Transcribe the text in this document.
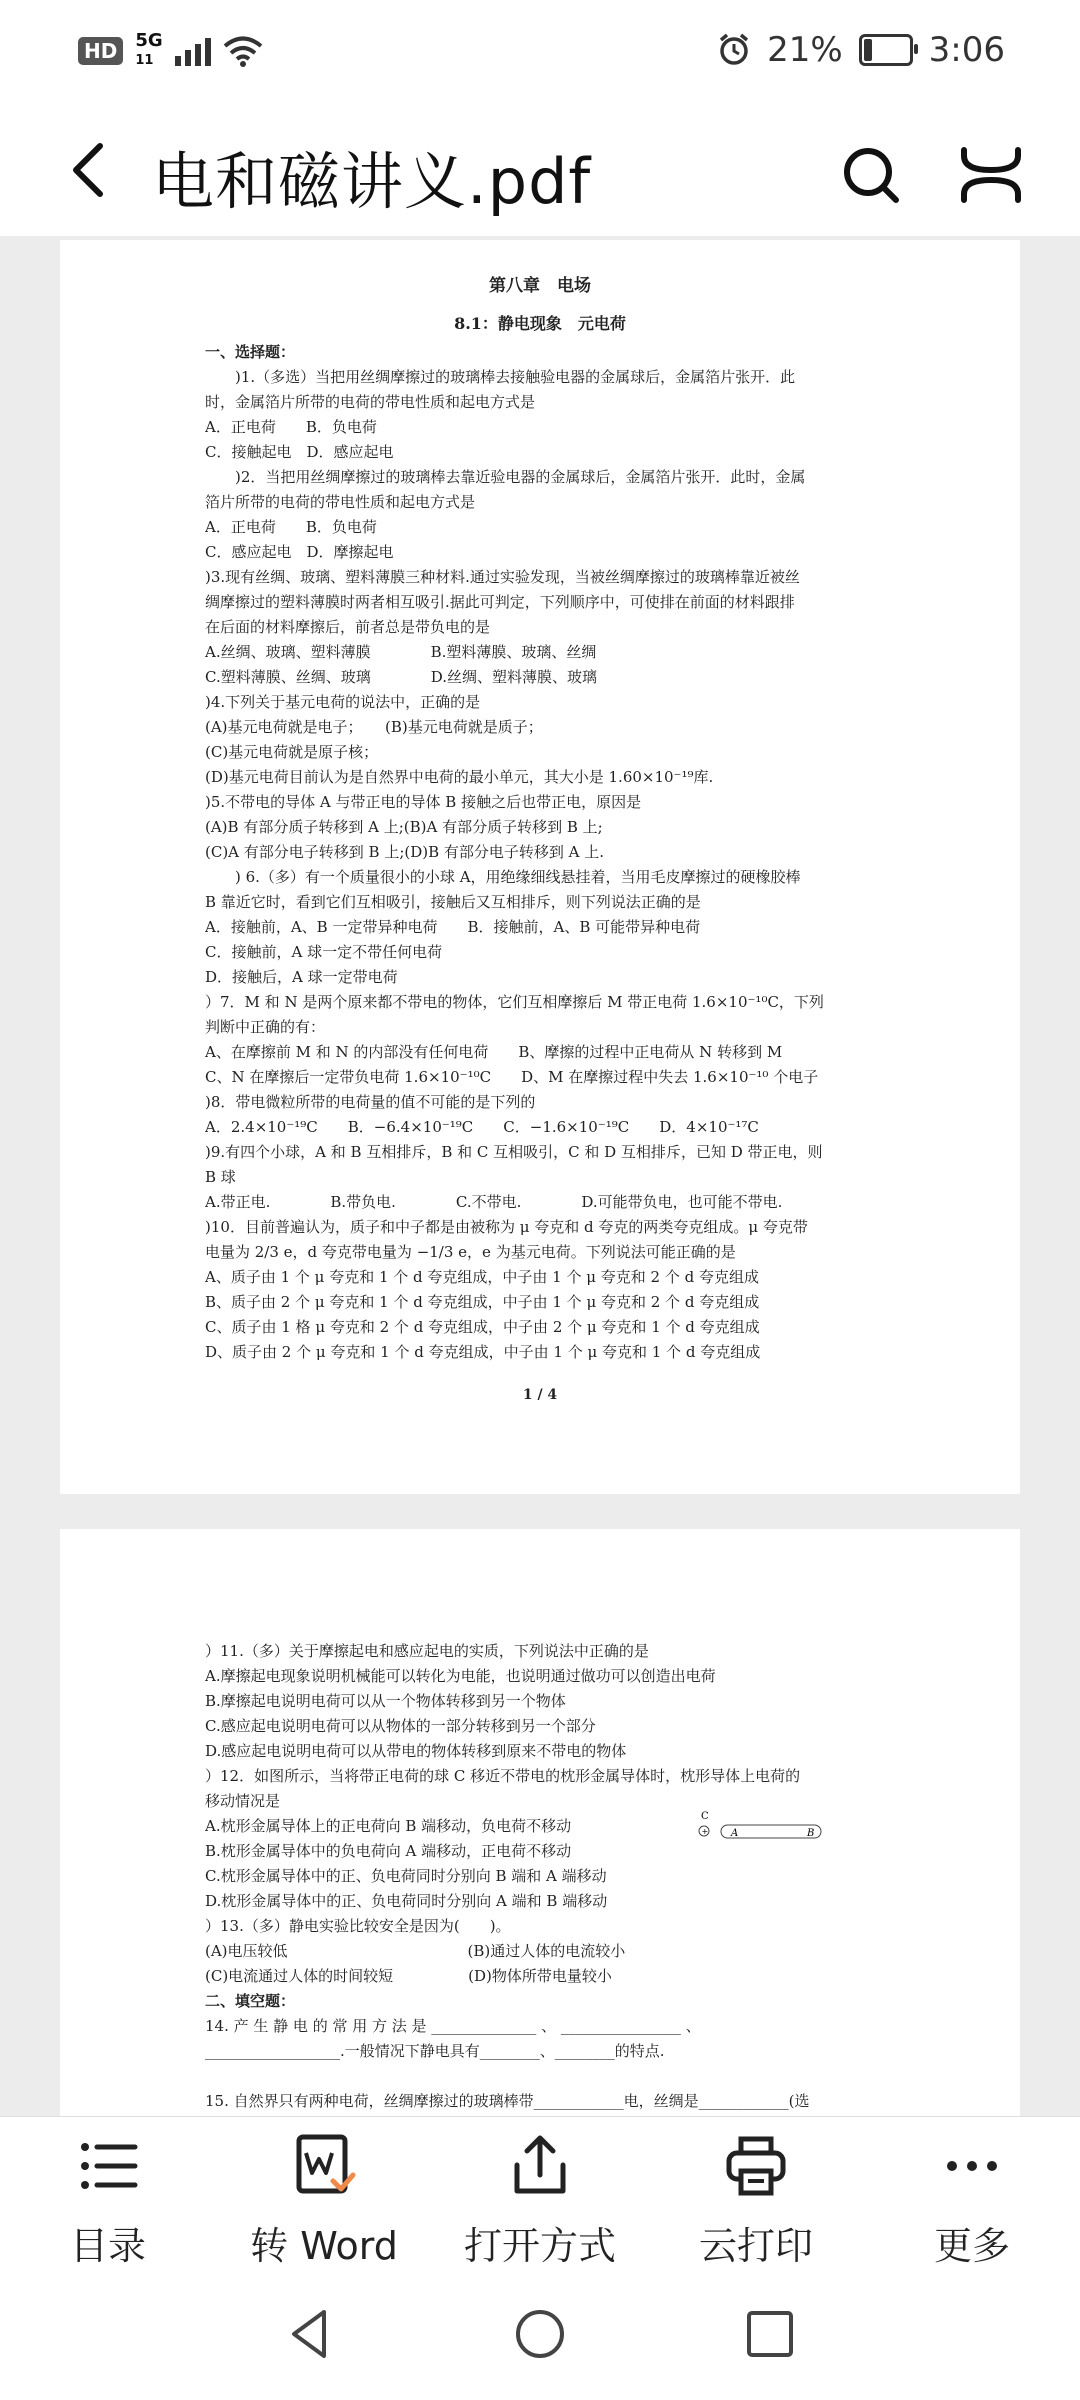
HD	5G
11	21%	3:06
电和磁讲义.pdf
第八章　电场
8.1：静电现象　元电荷
一、选择题：
　　)1.（多选）当把用丝绸摩擦过的玻璃棒去接触验电器的金属球后，金属箔片张开．此
时，金属箔片所带的电荷的带电性质和起电方式是
A．正电荷　　B．负电荷
C．接触起电　D．感应起电
　　)2．当把用丝绸摩擦过的玻璃棒去靠近验电器的金属球后，金属箔片张开．此时，金属
箔片所带的电荷的带电性质和起电方式是
A．正电荷　　B．负电荷
C．感应起电　D．摩擦起电
)3.现有丝绸、玻璃、塑料薄膜三种材料.通过实验发现，当被丝绸摩擦过的玻璃棒靠近被丝
绸摩擦过的塑料薄膜时两者相互吸引.据此可判定，下列顺序中，可使排在前面的材料跟排
在后面的材料摩擦后，前者总是带负电的是
A.丝绸、玻璃、塑料薄膜　　　　B.塑料薄膜、玻璃、丝绸
C.塑料薄膜、丝绸、玻璃　　　　D.丝绸、塑料薄膜、玻璃
)4.下列关于基元电荷的说法中，正确的是
(A)基元电荷就是电子；　　(B)基元电荷就是质子；
(C)基元电荷就是原子核；
(D)基元电荷目前认为是自然界中电荷的最小单元，其大小是 1.60×10⁻¹⁹库.
)5.不带电的导体 A 与带正电的导体 B 接触之后也带正电，原因是
(A)B 有部分质子转移到 A 上;(B)A 有部分质子转移到 B 上;
(C)A 有部分电子转移到 B 上;(D)B 有部分电子转移到 A 上.
　　) 6.（多）有一个质量很小的小球 A，用绝缘细线悬挂着，当用毛皮摩擦过的硬橡胶棒
B 靠近它时，看到它们互相吸引，接触后又互相排斥，则下列说法正确的是
A．接触前，A、B 一定带异种电荷　　B．接触前，A、B 可能带异种电荷
C．接触前，A 球一定不带任何电荷
D．接触后，A 球一定带电荷
）7．M 和 N 是两个原来都不带电的物体，它们互相摩擦后 M 带正电荷 1.6×10⁻¹⁰C，下列
判断中正确的有：
A、在摩擦前 M 和 N 的内部没有任何电荷　　B、摩擦的过程中正电荷从 N 转移到 M
C、N 在摩擦后一定带负电荷 1.6×10⁻¹⁰C　　D、M 在摩擦过程中失去 1.6×10⁻¹⁰ 个电子
)8．带电微粒所带的电荷量的值不可能的是下列的
A．2.4×10⁻¹⁹C　　B．−6.4×10⁻¹⁹C　　C．−1.6×10⁻¹⁹C　　D．4×10⁻¹⁷C
)9.有四个小球，A 和 B 互相排斥，B 和 C 互相吸引，C 和 D 互相排斥，已知 D 带正电，则
B 球
A.带正电.　　　　B.带负电.　　　　C.不带电.　　　　D.可能带负电，也可能不带电.
)10．目前普遍认为，质子和中子都是由被称为 μ 夸克和 d 夸克的两类夸克组成。μ 夸克带
电量为 2/3 e，d 夸克带电量为 −1/3 e，e 为基元电荷。下列说法可能正确的是
A、质子由 1 个 μ 夸克和 1 个 d 夸克组成，中子由 1 个 μ 夸克和 2 个 d 夸克组成
B、质子由 2 个 μ 夸克和 1 个 d 夸克组成，中子由 1 个 μ 夸克和 2 个 d 夸克组成
C、质子由 1 格 μ 夸克和 2 个 d 夸克组成，中子由 2 个 μ 夸克和 1 个 d 夸克组成
D、质子由 2 个 μ 夸克和 1 个 d 夸克组成，中子由 1 个 μ 夸克和 1 个 d 夸克组成
1 / 4
）11.（多）关于摩擦起电和感应起电的实质，下列说法中正确的是
A.摩擦起电现象说明机械能可以转化为电能，也说明通过做功可以创造出电荷
B.摩擦起电说明电荷可以从一个物体转移到另一个物体
C.感应起电说明电荷可以从物体的一部分转移到另一个部分
D.感应起电说明电荷可以从带电的物体转移到原来不带电的物体
）12．如图所示，当将带正电荷的球 C 移近不带电的枕形金属导体时，枕形导体上电荷的
移动情况是
A.枕形金属导体上的正电荷向 B 端移动，负电荷不移动
B.枕形金属导体中的负电荷向 A 端移动，正电荷不移动
C.枕形金属导体中的正、负电荷同时分别向 B 端和 A 端移动
D.枕形金属导体中的正、负电荷同时分别向 A 端和 B 端移动
）13.（多）静电实验比较安全是因为(　　)。
(A)电压较低　　　　　　　　　　　　(B)通过人体的电流较小
(C)电流通过人体的时间较短　　　　　(D)物体所带电量较小
二、填空题：
14. 产 生 静 电 的 常 用 方 法 是 ______________ 、 ________________ 、
__________________.一般情况下静电具有________、________的特点.

15. 自然界只有两种电荷，丝绸摩擦过的玻璃棒带____________电，丝绸是____________(选
C
+ A	B
目录	转 Word 打开方式 云打印	更多
